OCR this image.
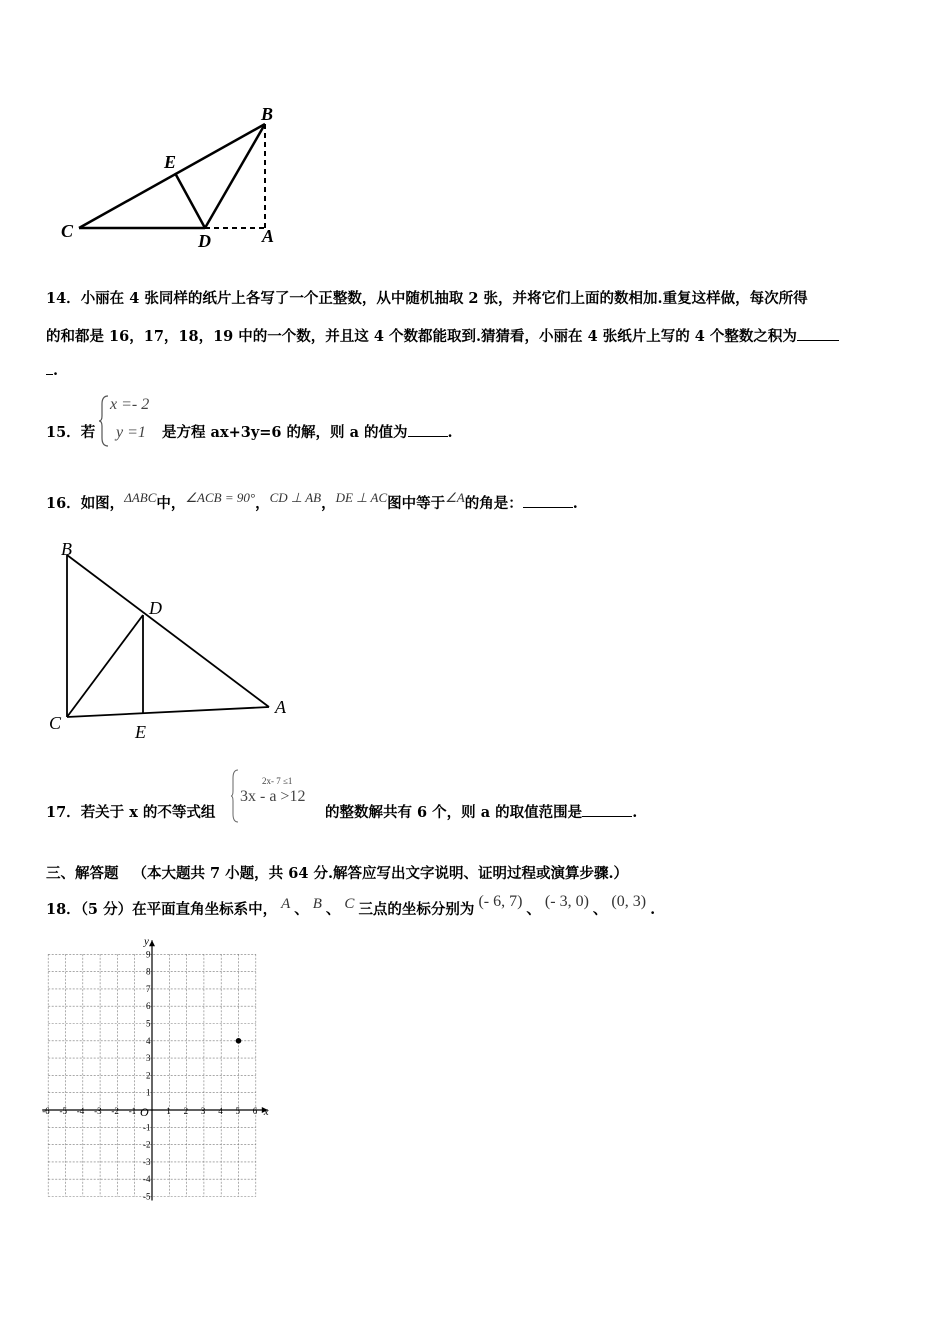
B
E
C	D	A
14．小丽在 4 张同样的纸片上各写了一个正整数，从中随机抽取 2 张，并将它们上面的数相加.重复这样做，每次所得
的和都是 16，17，18，19 中的一个数，并且这 4 个数都能取到.猜猜看，小丽在 4 张纸片上写的 4 个整数之积为
.
15．若
x =- 2
y =1 是方程 ax+3y=6 的解，则 a 的值为	.
16．如图，ΔABC中，∠ACB = 90°，CD ⊥ AB，DE ⊥ AC图中等于∠A的角是：	.
B
D
C	E
A
17．若关于 x 的不等式组
2x- 7 ≤1
3x - a >12
的整数解共有 6 个，则 a 的取值范围是	.
三、解答题 （本大题共 7 小题，共 64 分.解答应写出文字说明、证明过程或演算步骤.）
18．（5 分）在平面直角坐标系中， A 、 B 、 C 三点的坐标分别为 (- 6, 7) 、 (- 3, 0) 、 (0, 3) .
y
x
O
-6 -5 -4 -3 -2 -1	1 2 3 4 5 6
9
8
7
6
5
4
3
2
1
-1
-2
-3
-4
-5
